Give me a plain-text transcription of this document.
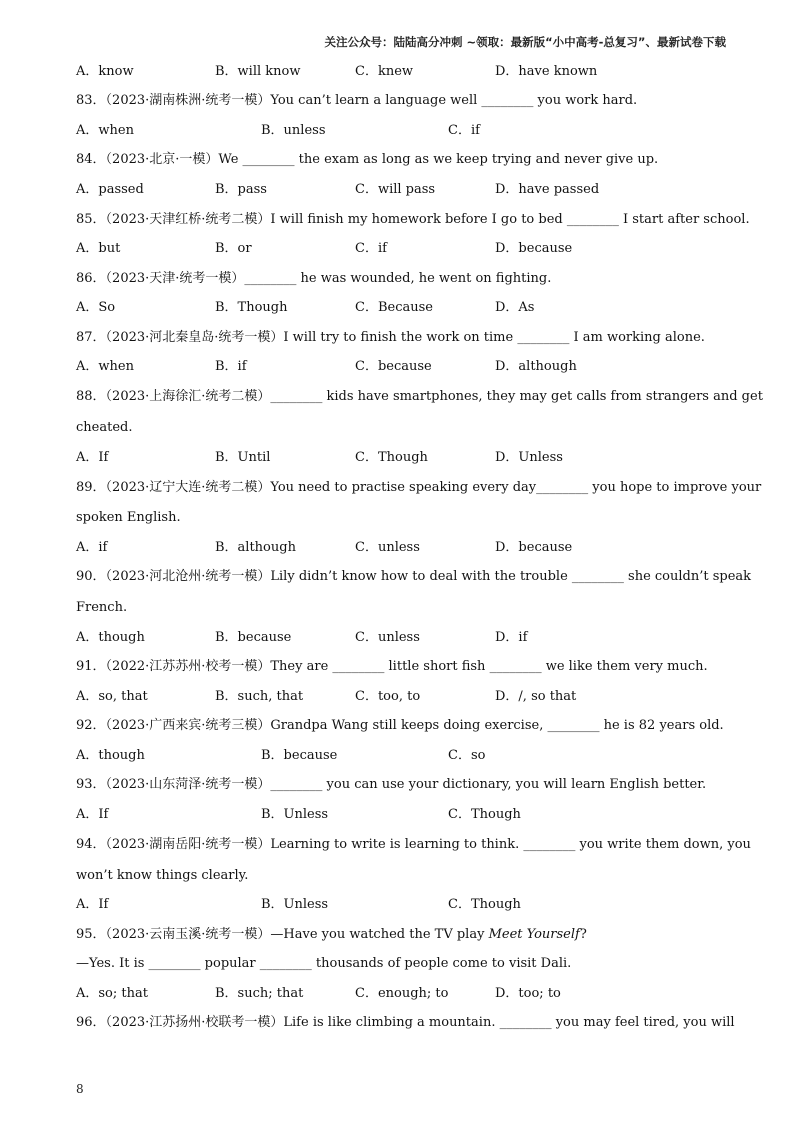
关注公众号：陆陆高分冲刺 ~领取：最新版“小中高考-总复习”、最新试卷下载
A．know	B．will know	C．knew	D．have known
83．（2023·湖南株洲·统考一模）You can’t learn a language well ________ you work hard.
A．when	B．unless	C．if
84．（2023·北京·一模）We ________ the exam as long as we keep trying and never give up.
A．passed	B．pass	C．will pass	D．have passed
85．（2023·天津红桥·统考二模）I will finish my homework before I go to bed ________ I start after school.
A．but	B．or	C．if	D．because
86．（2023·天津·统考一模）________ he was wounded, he went on fighting.
A．So	B．Though	C．Because	D．As
87．（2023·河北秦皇岛·统考一模）I will try to finish the work on time ________ I am working alone.
A．when	B．if	C．because	D．although
88．（2023·上海徐汇·统考二模）________ kids have smartphones, they may get calls from strangers and get
cheated.
A．If	B．Until	C．Though	D．Unless
89．（2023·辽宁大连·统考二模）You need to practise speaking every day________ you hope to improve your
spoken English.
A．if	B．although	C．unless	D．because
90．（2023·河北沧州·统考一模）Lily didn’t know how to deal with the trouble ________ she couldn’t speak
French.
A．though	B．because	C．unless	D．if
91．（2022·江苏苏州·校考一模）They are ________ little short fish ________ we like them very much.
A．so, that	B．such, that	C．too, to	D．/, so that
92．（2023·广西来宾·统考三模）Grandpa Wang still keeps doing exercise, ________ he is 82 years old.
A．though	B．because	C．so
93．（2023·山东菏泽·统考一模）________ you can use your dictionary, you will learn English better.
A．If	B．Unless	C．Though
94．（2023·湖南岳阳·统考一模）Learning to write is learning to think. ________ you write them down, you
won’t know things clearly.
A．If	B．Unless	C．Though
95．（2023·云南玉溪·统考一模）—Have you watched the TV play Meet Yourself?
—Yes. It is ________ popular ________ thousands of people come to visit Dali.
A．so; that	B．such; that	C．enough; to	D．too; to
96．（2023·江苏扬州·校联考一模）Life is like climbing a mountain. ________ you may feel tired, you will
8
